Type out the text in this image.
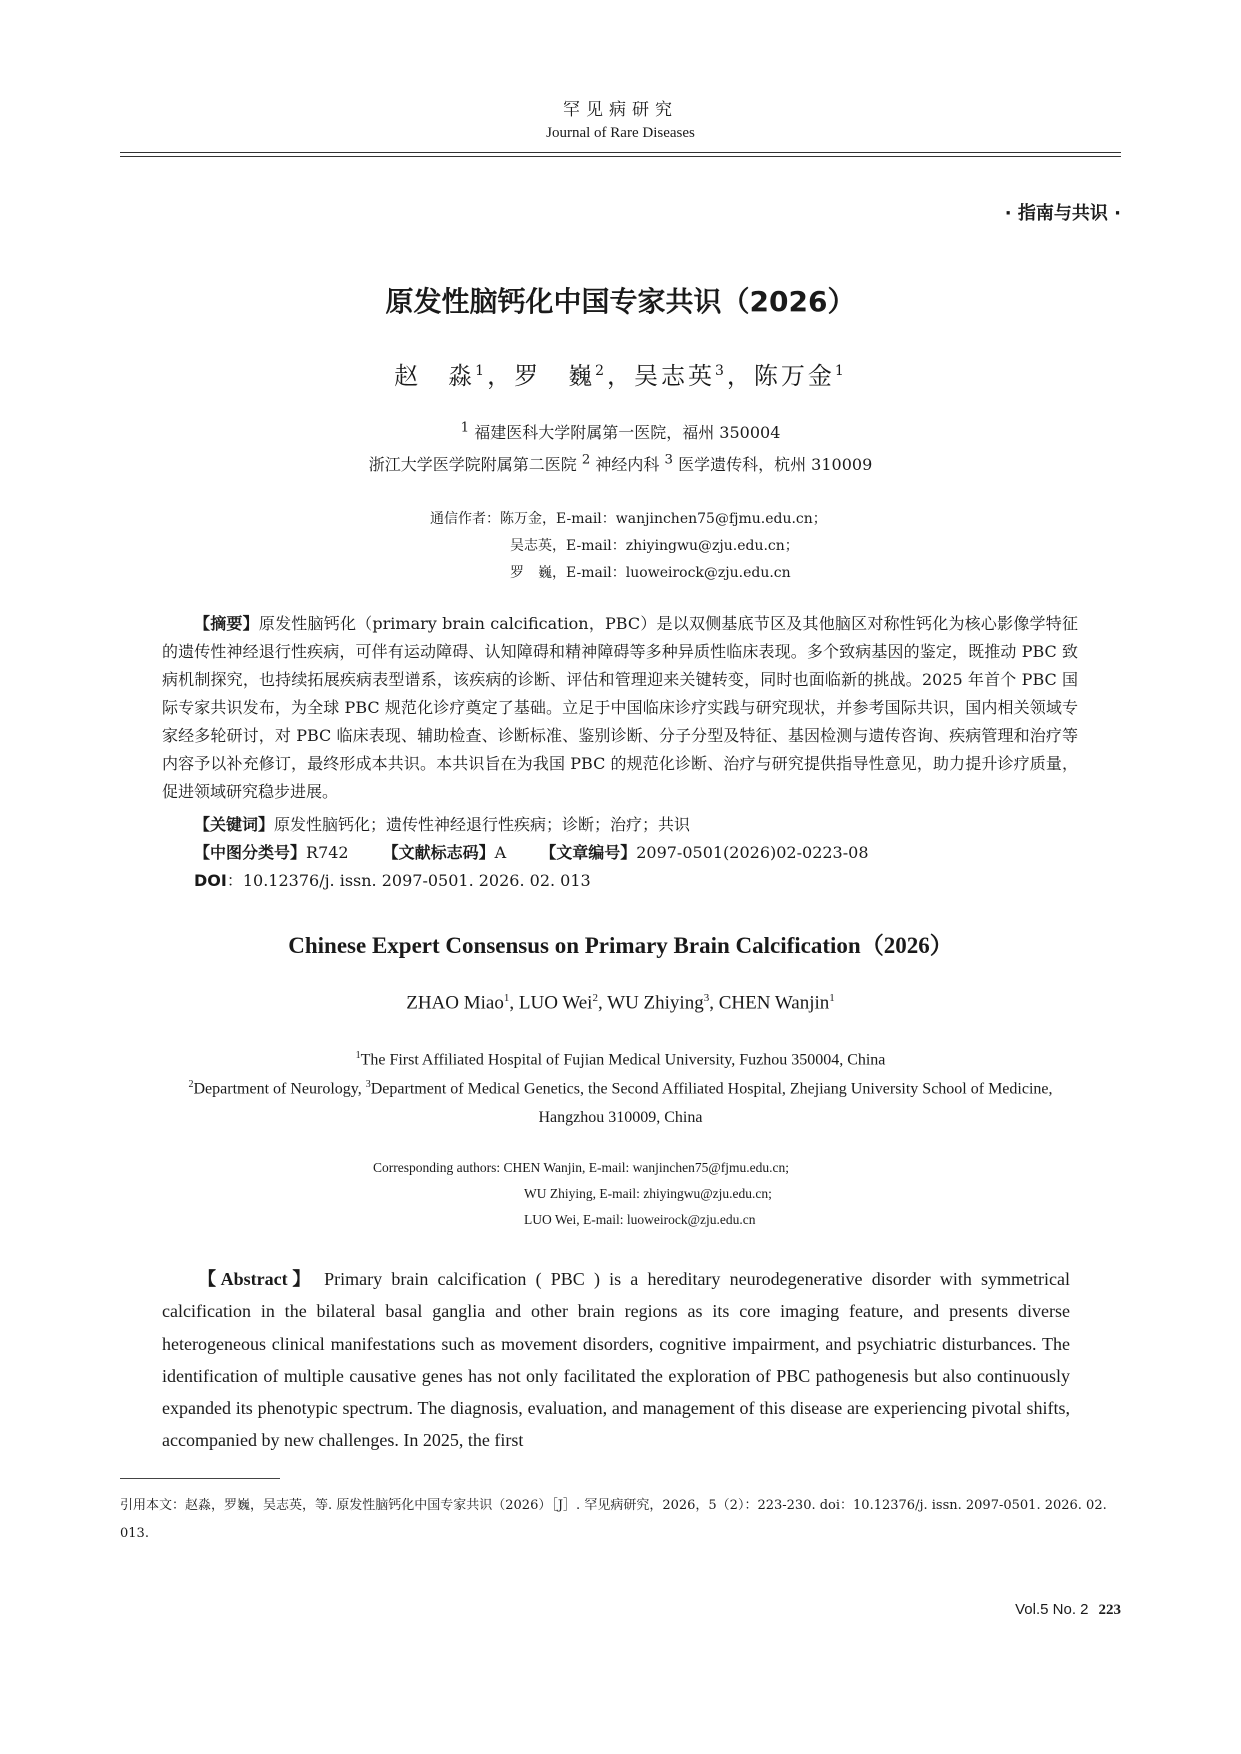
罕见病研究
Journal of Rare Diseases
· 指南与共识 ·
原发性脑钙化中国专家共识（2026）
赵　淼$^1$，罗　巍$^2$，吴志英$^3$，陈万金$^1$
$^1$ 福建医科大学附属第一医院，福州 350004
浙江大学医学院附属第二医院 $^2$ 神经内科 $^3$ 医学遗传科，杭州 310009
通信作者：陈万金，E-mail：wanjinchen75@fjmu.edu.cn；
吴志英，E-mail：zhiyingwu@zju.edu.cn；
罗　巍，E-mail：luoweirock@zju.edu.cn

【摘要】原发性脑钙化（primary brain calcification，PBC）是以双侧基底节区及其他脑区对称性钙化为核心影像学特征的遗传性神经退行性疾病，可伴有运动障碍、认知障碍和精神障碍等多种异质性临床表现。多个致病基因的鉴定，既推动 PBC 致病机制探究，也持续拓展疾病表型谱系，该疾病的诊断、评估和管理迎来关键转变，同时也面临新的挑战。2025 年首个 PBC 国际专家共识发布，为全球 PBC 规范化诊疗奠定了基础。立足于中国临床诊疗实践与研究现状，并参考国际共识，国内相关领域专家经多轮研讨，对 PBC 临床表现、辅助检查、诊断标准、鉴别诊断、分子分型及特征、基因检测与遗传咨询、疾病管理和治疗等内容予以补充修订，最终形成本共识。本共识旨在为我国 PBC 的规范化诊断、治疗与研究提供指导性意见，助力提升诊疗质量，促进领域研究稳步进展。

【关键词】原发性脑钙化；遗传性神经退行性疾病；诊断；治疗；共识
【中图分类号】R742 【文献标志码】A 【文章编号】2097-0501(2026)02-0223-08
DOI：10.12376/j. issn. 2097-0501. 2026. 02. 013
Chinese Expert Consensus on Primary Brain Calcification（2026）
ZHAO Miao$^1$, LUO Wei$^2$, WU Zhiying$^3$, CHEN Wanjin$^1$
$^1$The First Affiliated Hospital of Fujian Medical University, Fuzhou 350004, China
$^2$Department of Neurology, $^3$Department of Medical Genetics, the Second Affiliated Hospital, Zhejiang University School of Medicine,
Hangzhou 310009, China
Corresponding authors: CHEN Wanjin, E-mail: wanjinchen75@fjmu.edu.cn;
WU Zhiying, E-mail: zhiyingwu@zju.edu.cn;
LUO Wei, E-mail: luoweirock@zju.edu.cn

【Abstract】 Primary brain calcification ( PBC ) is a hereditary neurodegenerative disorder with symmetrical calcification in the bilateral basal ganglia and other brain regions as its core imaging feature, and presents diverse heterogeneous clinical manifestations such as movement disorders, cognitive impairment, and psychiatric disturbances. The identification of multiple causative genes has not only facilitated the exploration of PBC pathogenesis but also continuously expanded its phenotypic spectrum. The diagnosis, evaluation, and management of this disease are experiencing pivotal shifts, accompanied by new challenges. In 2025, the first

引用本文：赵淼，罗巍，吴志英，等. 原发性脑钙化中国专家共识（2026）［J］. 罕见病研究，2026，5（2）：223-230. doi：10.12376/j. issn. 2097-0501. 2026. 02. 013.

Vol.5 No. 2 223
